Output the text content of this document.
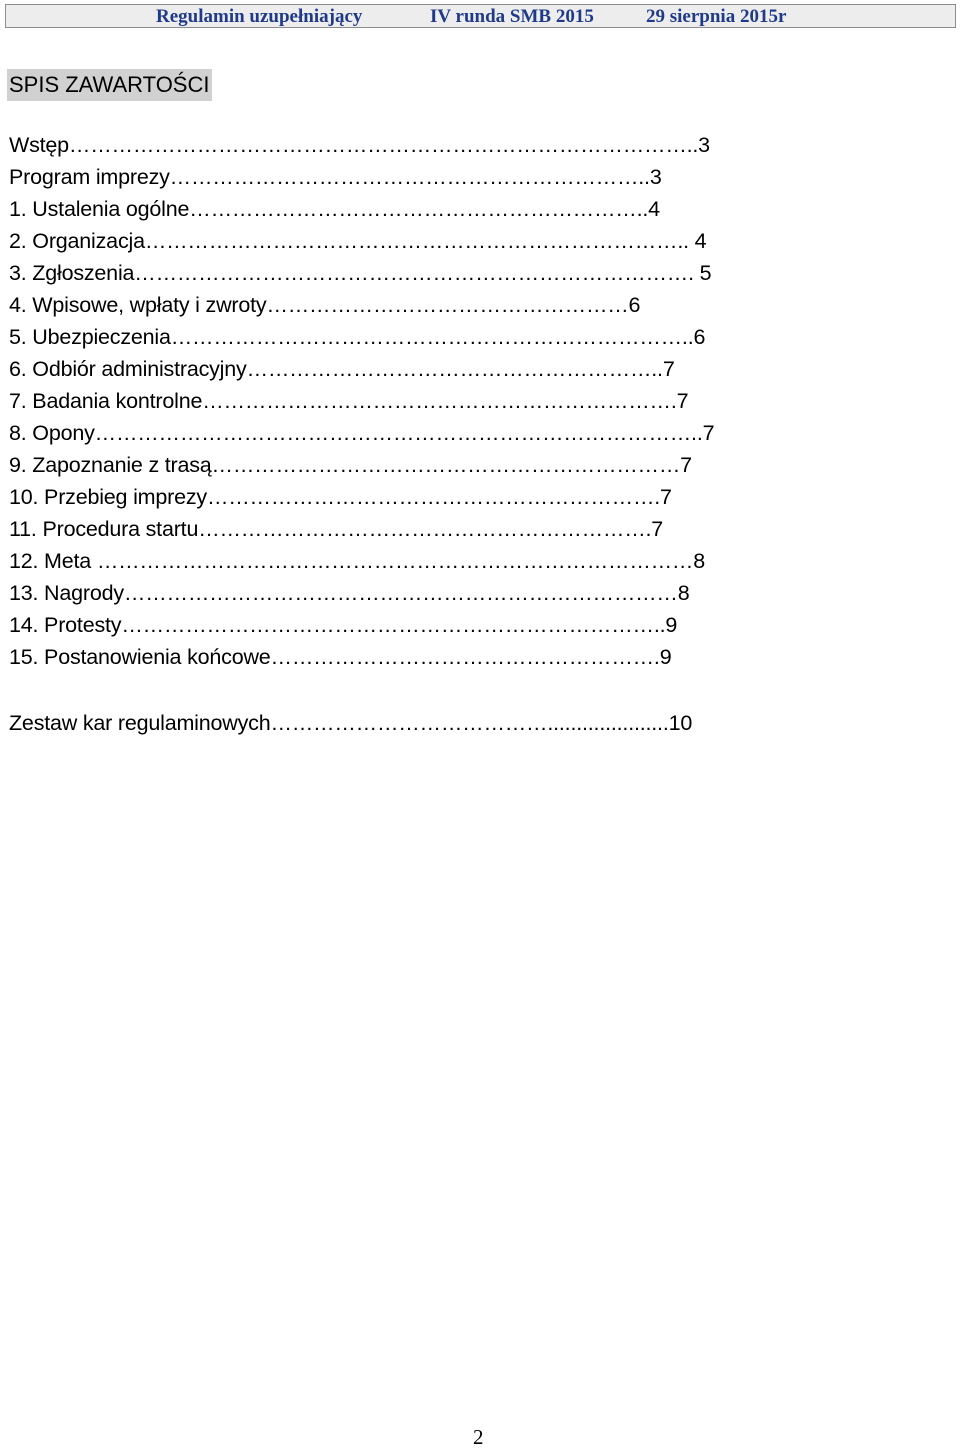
Regulamin uzupełniający	IV runda SMB 2015	29 sierpnia 2015r
SPIS ZAWARTOŚCI
Wstęp……………………………………………………………………………..3
Program imprezy…………………………………………………………..3
1. Ustalenia ogólne………………………………………………………..4
2. Organizacja………………………………………………………………….. 4
3. Zgłoszenia……………………………………………………………………. 5
4. Wpisowe, wpłaty i zwroty……………………………………………6
5. Ubezpieczenia………………………………………………………………..6
6. Odbiór administracyjny…………………………………………………..7
7. Badania kontrolne………………………………………………………….7
8. Opony…………………………………………………………………………..7
9. Zapoznanie z trasą…………………………………………………………7
10. Przebieg imprezy……………………………………………………….7
11. Procedura startu……………………………………………………….7
12. Meta …………………………………………………………………………8
13. Nagrody……………………………………………………………………8
14. Protesty…………………………………………………………………..9
15. Postanowienia końcowe……………………………………………….9
Zestaw kar regulaminowych………………………………….....................10
2
